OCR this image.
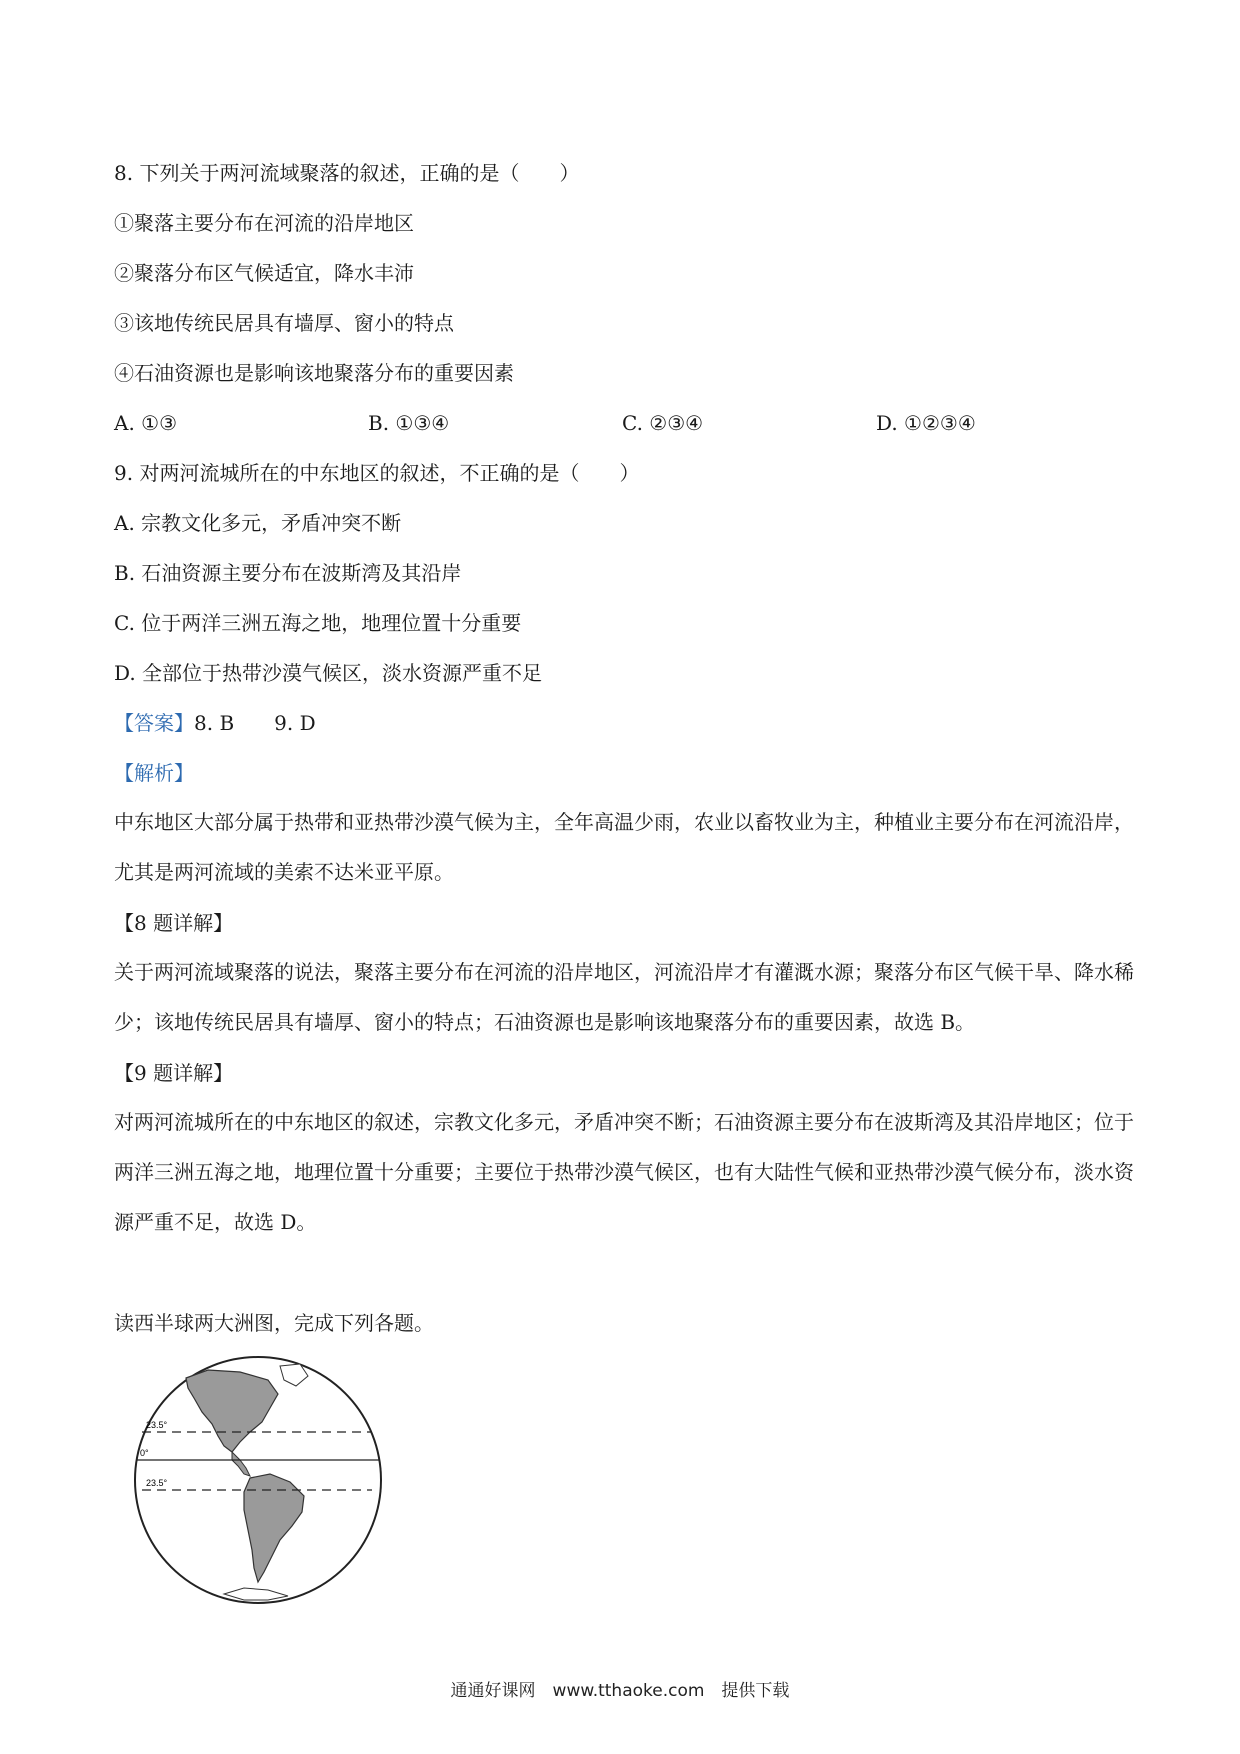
8. 下列关于两河流域聚落的叙述，正确的是（　　）
①聚落主要分布在河流的沿岸地区
②聚落分布区气候适宜，降水丰沛
③该地传统民居具有墙厚、窗小的特点
④石油资源也是影响该地聚落分布的重要因素
A. ①③	B. ①③④	C. ②③④	D. ①②③④
9. 对两河流城所在的中东地区的叙述，不正确的是（　　）
A. 宗教文化多元，矛盾冲突不断
B. 石油资源主要分布在波斯湾及其沿岸
C. 位于两洋三洲五海之地，地理位置十分重要
D. 全部位于热带沙漠气候区，淡水资源严重不足
【答案】8. B　　9. D
【解析】
中东地区大部分属于热带和亚热带沙漠气候为主，全年高温少雨，农业以畜牧业为主，种植业主要分布在河流沿岸，尤其是两河流域的美索不达米亚平原。
【8 题详解】
关于两河流域聚落的说法，聚落主要分布在河流的沿岸地区，河流沿岸才有灌溉水源；聚落分布区气候干旱、降水稀少；该地传统民居具有墙厚、窗小的特点；石油资源也是影响该地聚落分布的重要因素，故选 B。
【9 题详解】
对两河流城所在的中东地区的叙述，宗教文化多元，矛盾冲突不断；石油资源主要分布在波斯湾及其沿岸地区；位于两洋三洲五海之地，地理位置十分重要；主要位于热带沙漠气候区，也有大陆性气候和亚热带沙漠气候分布，淡水资源严重不足，故选 D。
读西半球两大洲图，完成下列各题。
23.5°
0°
23.5°
通通好课网　www.tthaoke.com　提供下载
